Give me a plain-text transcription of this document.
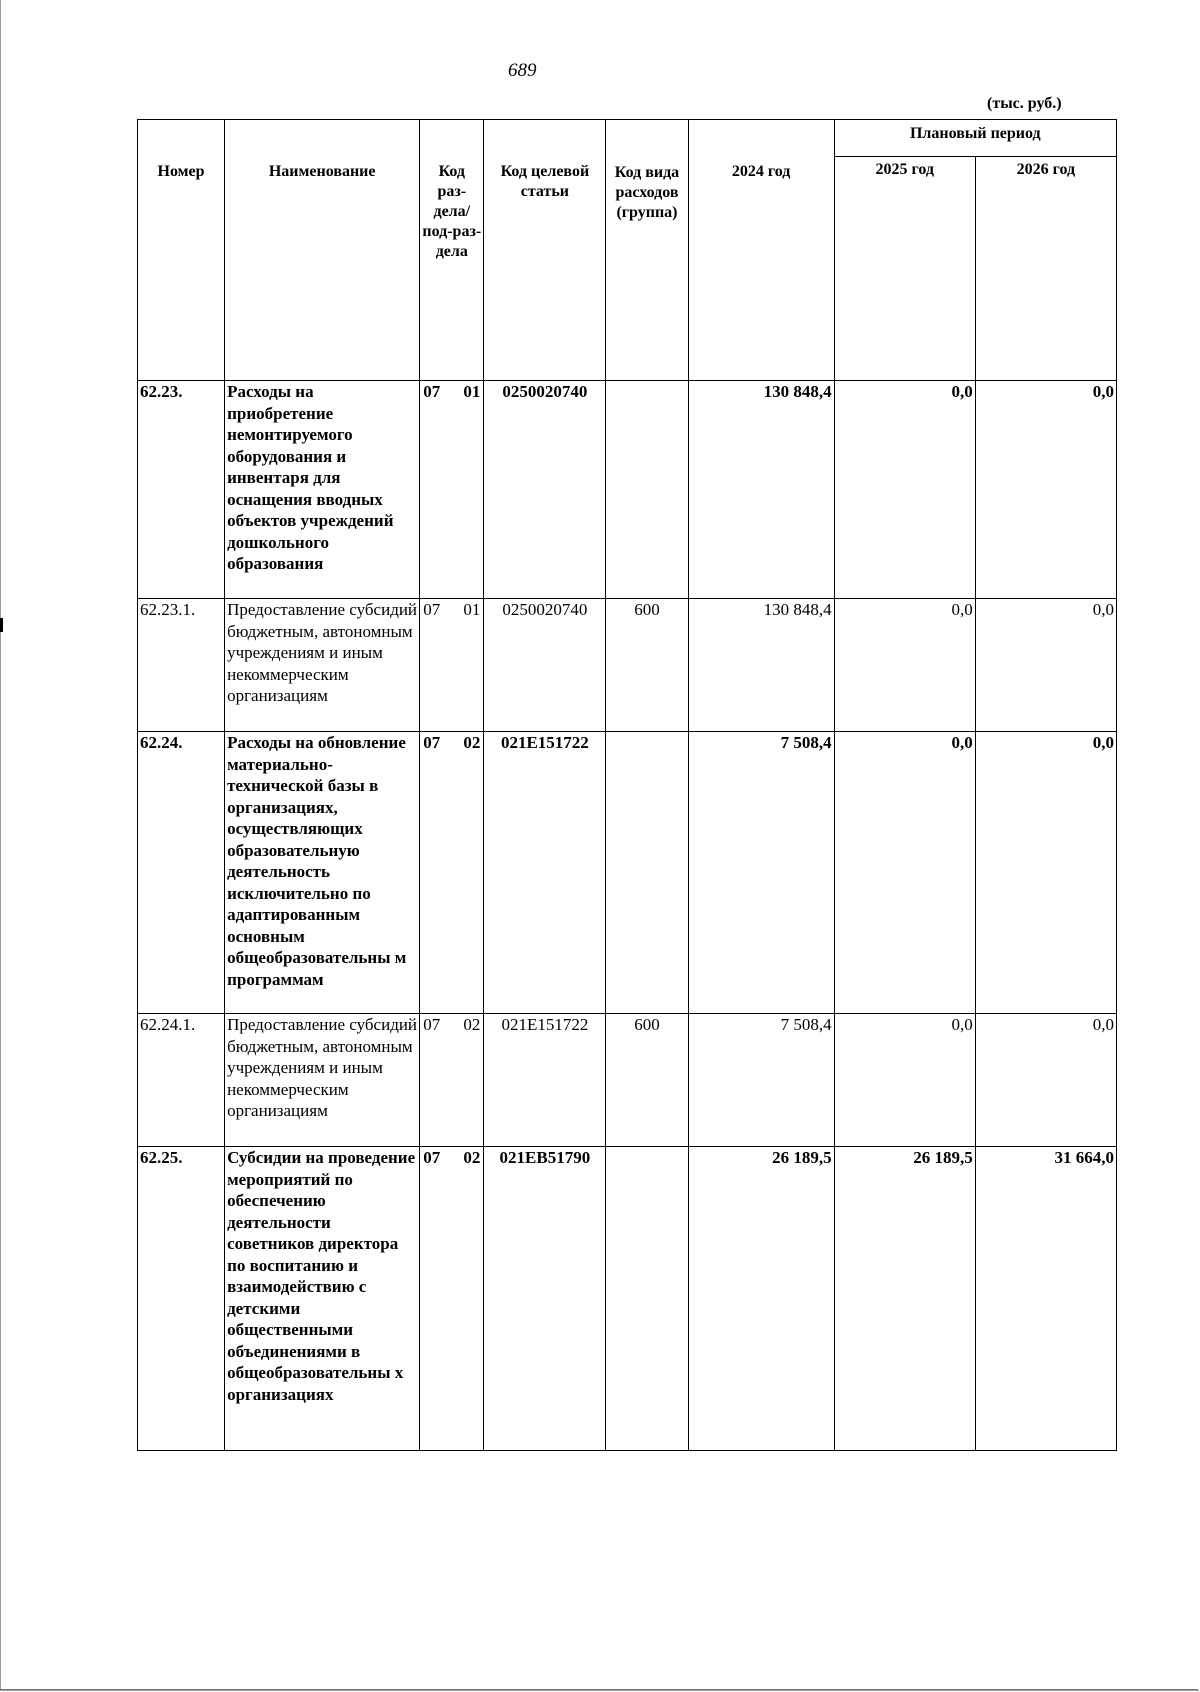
689
(тыс. руб.)
Номер	Наименование	Код раз-дела/ под-раз-дела	Код целевой статьи	Код вида расходов (группа)	2024 год	Плановый период	
						2025 год	2026 год
62.23.	Расходы на приобретение немонтируемого оборудования и инвентаря для оснащения вводных объектов учреждений дошкольного образования	07 01	0250020740		130 848,4	0,0	0,0
62.23.1.	Предоставление субсидий бюджетным, автономным учреждениям и иным некоммерческим организациям	07 01	0250020740	600	130 848,4	0,0	0,0
62.24.	Расходы на обновление материально-технической базы в организациях, осуществляющих образовательную деятельность исключительно по адаптированным основным общеобразовательны м программам	07 02	021E151722		7 508,4	0,0	0,0
62.24.1.	Предоставление субсидий бюджетным, автономным учреждениям и иным некоммерческим организациям	07 02	021E151722	600	7 508,4	0,0	0,0
62.25.	Субсидии на проведение мероприятий по обеспечению деятельности советников директора по воспитанию и взаимодействию с детскими общественными объединениями в общеобразовательны х организациях	07 02	021EB51790		26 189,5	26 189,5	31 664,0
